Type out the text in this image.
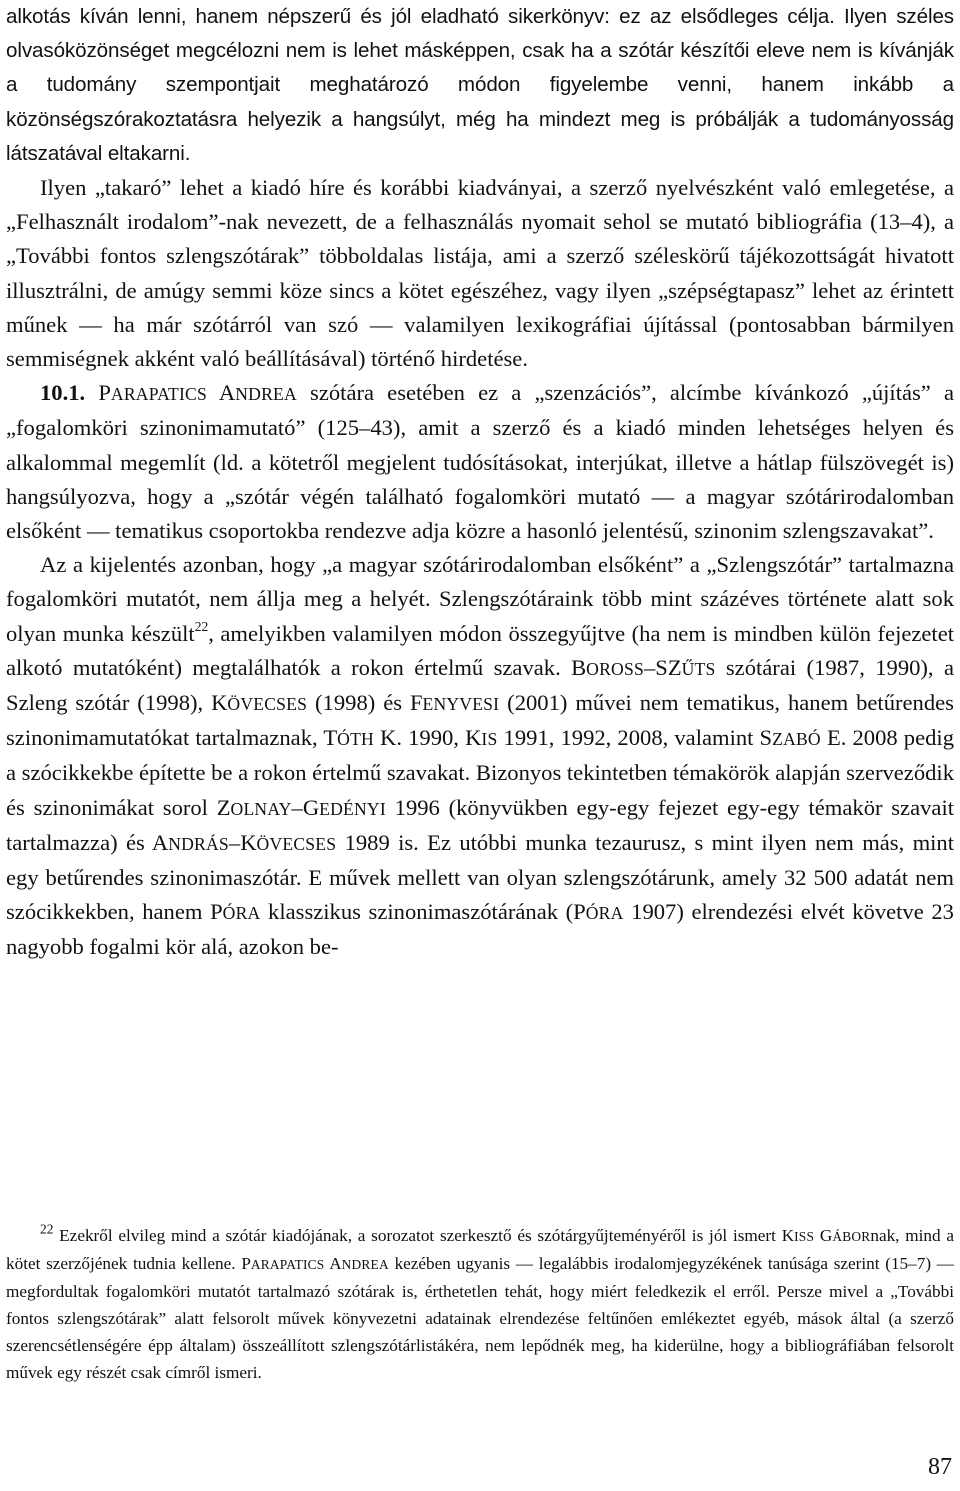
alkotás kíván lenni, hanem népszerű és jól eladható sikerkönyv: ez az elsődleges célja. Ilyen széles olvasóközönséget megcélozni nem is lehet másképpen, csak ha a szótár készítői eleve nem is kívánják a tudomány szempontjait meghatározó módon figyelembe venni, hanem inkább a közönségszórakoztatásra helyezik a hangsúlyt, még ha mindezt meg is próbálják a tudományosság látszatával eltakarni.

Ilyen „takaró” lehet a kiadó híre és korábbi kiadványai, a szerző nyelvészként való emlegetése, a „Felhasznált irodalom”-nak nevezett, de a felhasználás nyomait sehol se mutató bibliográfia (13–4), a „További fontos szlengszótárak” többoldalas listája, ami a szerző széleskörű tájékozottságát hivatott illusztrálni, de amúgy semmi köze sincs a kötet egészéhez, vagy ilyen „szépségtapasz” lehet az érintett műnek –– ha már szótárról van szó –– valamilyen lexikográfiai újítással (pontosabban bármilyen semmiségnek akként való beállításával) történő hirdetése.

10.1. PARAPATICS ANDREA szótára esetében ez a „szenzációs”, alcímbe kívánkozó „újítás” a „fogalomköri szinonimamutató” (125–43), amit a szerző és a kiadó minden lehetséges helyen és alkalommal megemlít (ld. a kötetről megjelent tudósításokat, interjúkat, illetve a hátlap fülszövegét is) hangsúlyozva, hogy a „szótár végén található fogalomköri mutató –– a magyar szótárirodalomban elsőként –– tematikus csoportokba rendezve adja közre a hasonló jelentésű, szinonim szlengszavakat”.

Az a kijelentés azonban, hogy „a magyar szótárirodalomban elsőként” a „Szlengszótár” tartalmazna fogalomköri mutatót, nem állja meg a helyét. Szlengszótáraink több mint százéves története alatt sok olyan munka készült$^{22}$, amelyikben valamilyen módon összegyűjtve (ha nem is mindben külön fejezetet alkotó mutatóként) megtalálhatók a rokon értelmű szavak. BOROSS–SZŰTS szótárai (1987, 1990), a Szleng szótár (1998), KÖVECSES (1998) és FENYVESI (2001) művei nem tematikus, hanem betűrendes szinonimamutatókat tartalmaznak, TÓTH K. 1990, KIS 1991, 1992, 2008, valamint SZABÓ E. 2008 pedig a szócikkekbe építette be a rokon értelmű szavakat. Bizonyos tekintetben témakörök alapján szerveződik és szinonimákat sorol ZOLNAY–GEDÉNYI 1996 (könyvükben egy-egy fejezet egy-egy témakör szavait tartalmazza) és ANDRÁS–KÖVECSES 1989 is. Ez utóbbi munka tezaurusz, s mint ilyen nem más, mint egy betűrendes szinonimaszótár. E művek mellett van olyan szlengszótárunk, amely 32 500 adatát nem szócikkekben, hanem PÓRA klasszikus szinonimaszótárának (PÓRA 1907) elrendezési elvét követve 23 nagyobb fogalmi kör alá, azokon be-

$^{22}$ Ezekről elvileg mind a szótár kiadójának, a sorozatot szerkesztő és szótárgyűjteményéről is jól ismert KISS GÁBORnak, mind a kötet szerzőjének tudnia kellene. PARAPATICS ANDREA kezében ugyanis –– legalábbis irodalomjegyzékének tanúsága szerint (15–7) –– megfordultak fogalomköri mutatót tartalmazó szótárak is, érthetetlen tehát, hogy miért feledkezik el erről. Persze mivel a „További fontos szlengszótárak” alatt felsorolt művek könyvezetni adatainak elrendezése feltűnően emlékeztet egyéb, mások által (a szerző szerencsétlenségére épp általam) összeállított szlengszótárlistákéra, nem lepődnék meg, ha kiderülne, hogy a bibliográfiában felsorolt művek egy részét csak címről ismeri.

87
